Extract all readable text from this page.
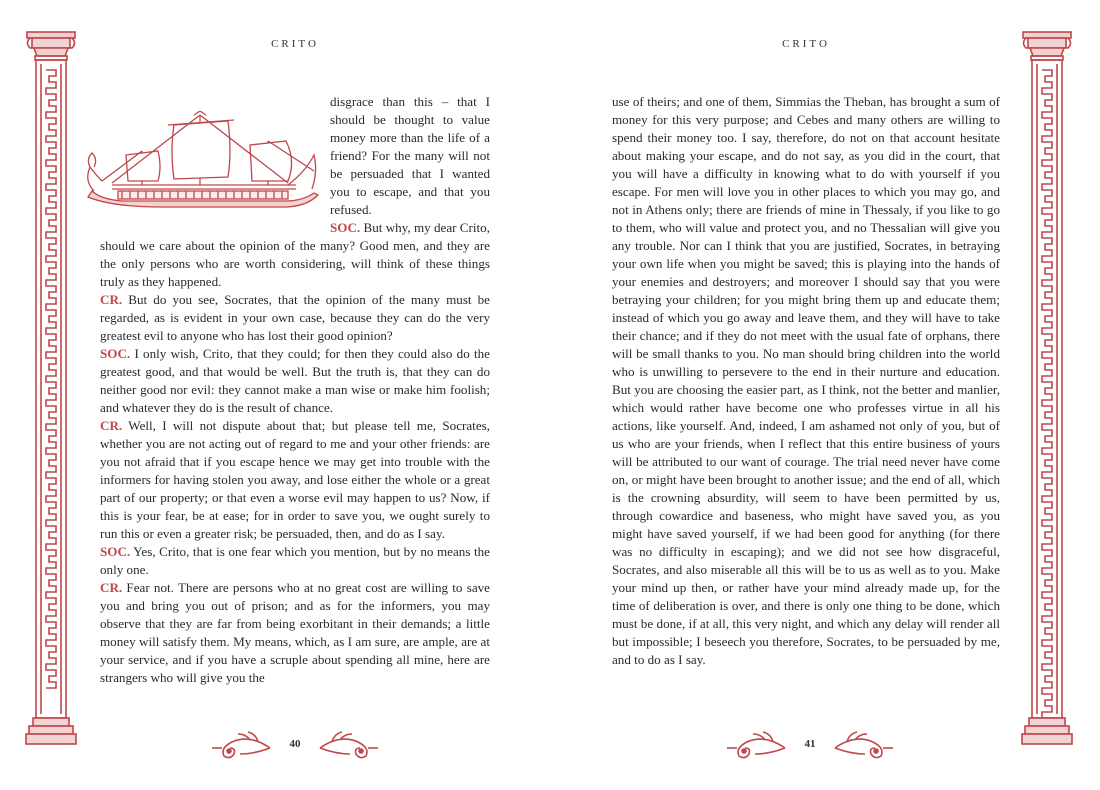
CRITO

disgrace than this – that I should be thought to value money more than the life of a friend? For the many will not be persuaded that I wanted you to escape, and that you refused.

SOC. But why, my dear Crito, should we care about the opinion of the many? Good men, and they are the only persons who are worth considering, will think of these things truly as they happened.

CR. But do you see, Socrates, that the opinion of the many must be regarded, as is evident in your own case, because they can do the very greatest evil to anyone who has lost their good opinion?

SOC. I only wish, Crito, that they could; for then they could also do the greatest good, and that would be well. But the truth is, that they can do neither good nor evil: they cannot make a man wise or make him foolish; and whatever they do is the result of chance.

CR. Well, I will not dispute about that; but please tell me, Socrates, whether you are not acting out of regard to me and your other friends: are you not afraid that if you escape hence we may get into trouble with the informers for having stolen you away, and lose either the whole or a great part of our property; or that even a worse evil may happen to us? Now, if this is your fear, be at ease; for in order to save you, we ought surely to run this or even a greater risk; be persuaded, then, and do as I say.

SOC. Yes, Crito, that is one fear which you mention, but by no means the only one.

CR. Fear not. There are persons who at no great cost are willing to save you and bring you out of prison; and as for the informers, you may observe that they are far from being exorbitant in their demands; a little money will satisfy them. My means, which, as I am sure, are ample, are at your service, and if you have a scruple about spending all mine, here are strangers who will give you the

40
CRITO

use of theirs; and one of them, Simmias the Theban, has brought a sum of money for this very purpose; and Cebes and many others are willing to spend their money too. I say, therefore, do not on that account hesitate about making your escape, and do not say, as you did in the court, that you will have a difficulty in knowing what to do with yourself if you escape. For men will love you in other places to which you may go, and not in Athens only; there are friends of mine in Thessaly, if you like to go to them, who will value and protect you, and no Thessalian will give you any trouble. Nor can I think that you are justified, Socrates, in betraying your own life when you might be saved; this is playing into the hands of your enemies and destroyers; and moreover I should say that you were betraying your children; for you might bring them up and educate them; instead of which you go away and leave them, and they will have to take their chance; and if they do not meet with the usual fate of orphans, there will be small thanks to you. No man should bring children into the world who is unwilling to persevere to the end in their nurture and education. But you are choosing the easier part, as I think, not the better and manlier, which would rather have become one who professes virtue in all his actions, like yourself. And, indeed, I am ashamed not only of you, but of us who are your friends, when I reflect that this entire business of yours will be attributed to our want of courage. The trial need never have come on, or might have been brought to another issue; and the end of all, which is the crowning absurdity, will seem to have been permitted by us, through cowardice and baseness, who might have saved you, as you might have saved yourself, if we had been good for anything (for there was no difficulty in escaping); and we did not see how disgraceful, Socrates, and also miserable all this will be to us as well as to you. Make your mind up then, or rather have your mind already made up, for the time of deliberation is over, and there is only one thing to be done, which must be done, if at all, this very night, and which any delay will render all but impossible; I beseech you therefore, Socrates, to be persuaded by me, and to do as I say.

41
